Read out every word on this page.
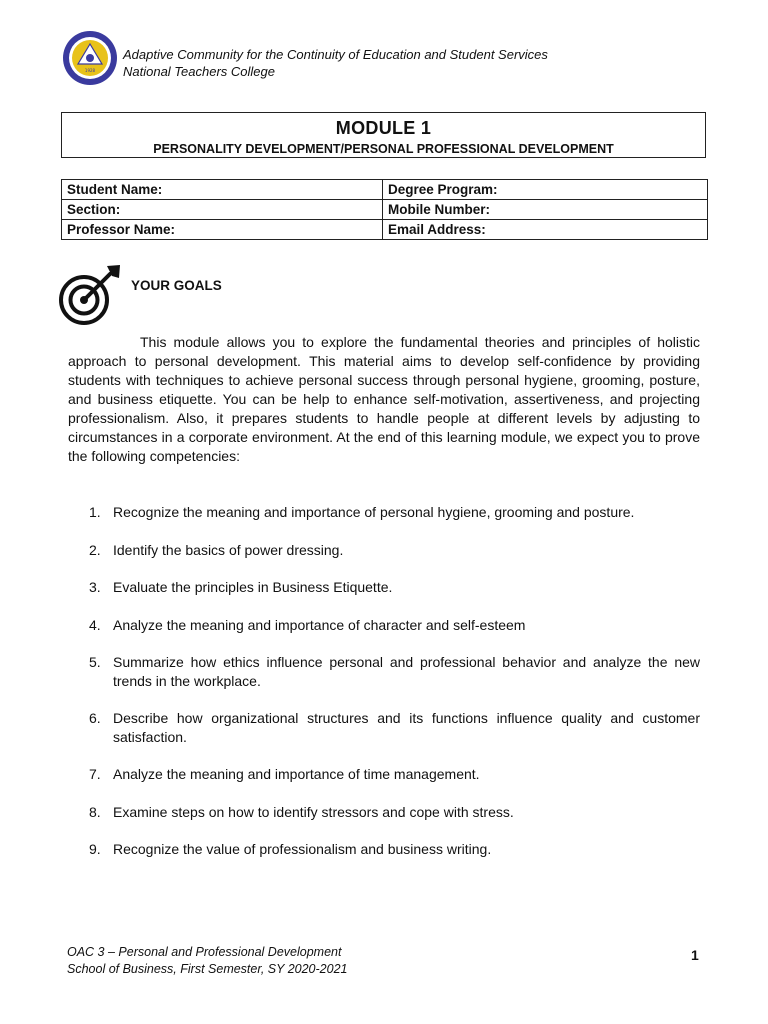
1928
Adaptive Community for the Continuity of Education and Student Services
National Teachers College
MODULE 1
PERSONALITY DEVELOPMENT/PERSONAL PROFESSIONAL DEVELOPMENT
Student Name:	Degree Program:
Section:	Mobile Number:
Professor Name:	Email Address:
YOUR GOALS
This module allows you to explore the fundamental theories and principles of holistic approach to personal development. This material aims to develop self-confidence by providing students with techniques to achieve personal success through personal hygiene, grooming, posture, and business etiquette. You can be help to enhance self-motivation, assertiveness, and projecting professionalism. Also, it prepares students to handle people at different levels by adjusting to circumstances in a corporate environment. At the end of this learning module, we expect you to prove the following competencies:
1. Recognize the meaning and importance of personal hygiene, grooming and posture.
2. Identify the basics of power dressing.
3. Evaluate the principles in Business Etiquette.
4. Analyze the meaning and importance of character and self-esteem
5. Summarize how ethics influence personal and professional behavior and analyze the new trends in the workplace.
6. Describe how organizational structures and its functions influence quality and customer satisfaction.
7. Analyze the meaning and importance of time management.
8. Examine steps on how to identify stressors and cope with stress.
9. Recognize the value of professionalism and business writing.
OAC 3 – Personal and Professional Development
School of Business, First Semester, SY 2020-2021
1
